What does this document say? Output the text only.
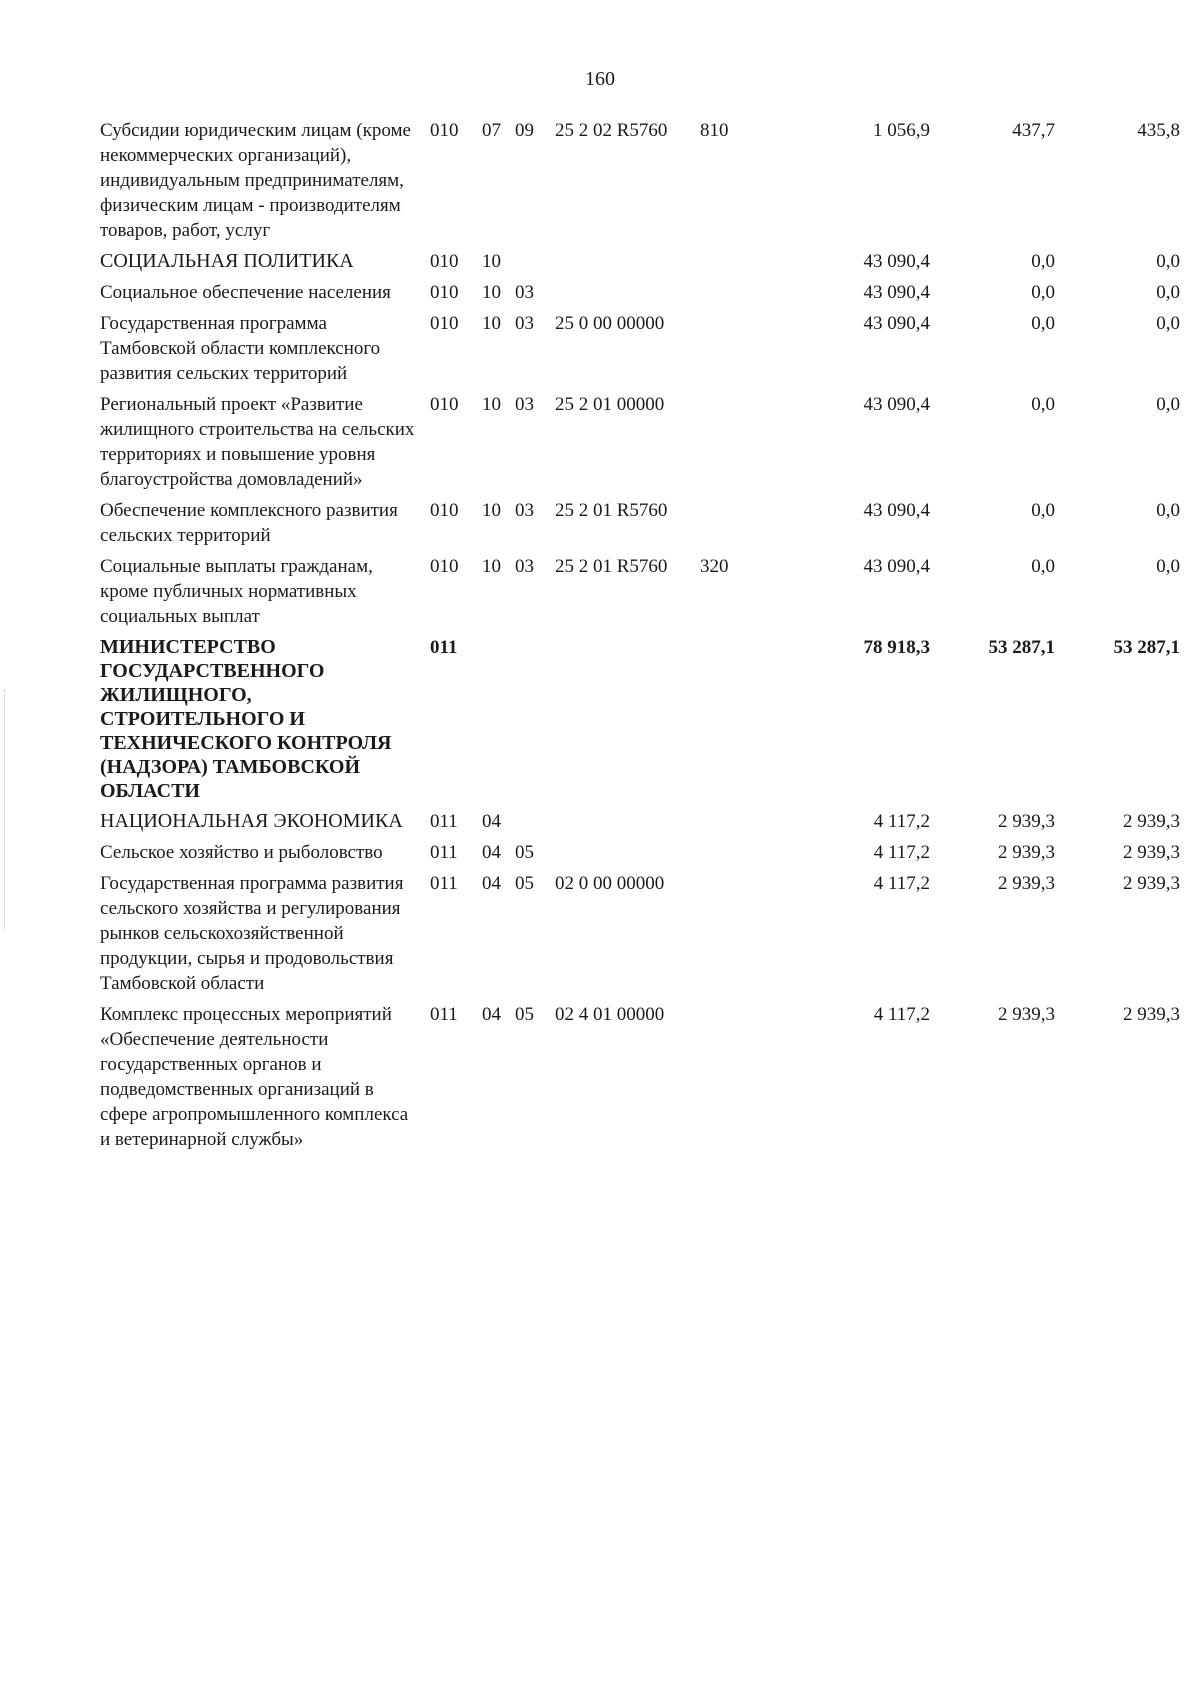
160
Субсидии юридическим лицам (кроме некоммерческих организаций), индивидуальным предпринимателям, физическим лицам - производителям товаров, работ, услуг	010	07	09	25 2 02 R5760	810	1 056,9	437,7	435,8
СОЦИАЛЬНАЯ ПОЛИТИКА	010	10				43 090,4	0,0	0,0
Социальное обеспечение населения	010	10	03			43 090,4	0,0	0,0
Государственная программа Тамбовской области комплексного развития сельских территорий	010	10	03	25 0 00 00000		43 090,4	0,0	0,0
Региональный проект «Развитие жилищного строительства на сельских территориях и повышение уровня благоустройства домовладений»	010	10	03	25 2 01 00000		43 090,4	0,0	0,0
Обеспечение комплексного развития сельских территорий	010	10	03	25 2 01 R5760		43 090,4	0,0	0,0
Социальные выплаты гражданам, кроме публичных нормативных социальных выплат	010	10	03	25 2 01 R5760	320	43 090,4	0,0	0,0
МИНИСТЕРСТВО ГОСУДАРСТВЕННОГО ЖИЛИЩНОГО, СТРОИТЕЛЬНОГО И ТЕХНИЧЕСКОГО КОНТРОЛЯ (НАДЗОРА) ТАМБОВСКОЙ ОБЛАСТИ	011					78 918,3	53 287,1	53 287,1
НАЦИОНАЛЬНАЯ ЭКОНОМИКА	011	04				4 117,2	2 939,3	2 939,3
Сельское хозяйство и рыболовство	011	04	05			4 117,2	2 939,3	2 939,3
Государственная программа развития сельского хозяйства и регулирования рынков сельскохозяйственной продукции, сырья и продовольствия Тамбовской области	011	04	05	02 0 00 00000		4 117,2	2 939,3	2 939,3
Комплекс процессных мероприятий «Обеспечение деятельности государственных органов и подведомственных организаций в сфере агропромышленного комплекса и ветеринарной службы»	011	04	05	02 4 01 00000		4 117,2	2 939,3	2 939,3
